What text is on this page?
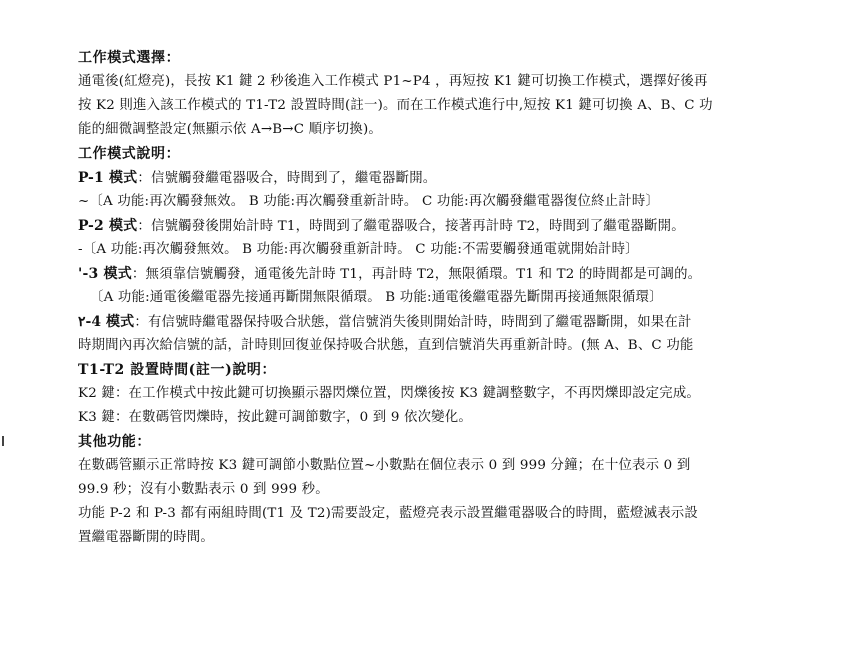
工作模式選擇：
通電後(紅燈亮)，長按 K1 鍵 2 秒後進入工作模式 P1~P4 ，再短按 K1 鍵可切換工作模式，選擇好後再
按 K2 則進入該工作模式的 T1-T2 設置時間(註一)。而在工作模式進行中,短按 K1 鍵可切換 A、B、C 功
能的細微調整設定(無顯示依 A→B→C 順序切換)。
工作模式說明：
P-1 模式：信號觸發繼電器吸合，時間到了，繼電器斷開。
~〔A 功能:再次觸發無效。 B 功能:再次觸發重新計時。 C 功能:再次觸發繼電器復位終止計時〕
P-2 模式：信號觸發後開始計時 T1，時間到了繼電器吸合，接著再計時 T2，時間到了繼電器斷開。
-〔A 功能:再次觸發無效。 B 功能:再次觸發重新計時。 C 功能:不需要觸發通電就開始計時〕
'-3 模式：無須靠信號觸發，通電後先計時 T1，再計時 T2，無限循環。T1 和 T2 的時間都是可調的。
〔A 功能:通電後繼電器先接通再斷開無限循環。 B 功能:通電後繼電器先斷開再接通無限循環〕
٢-4 模式：有信號時繼電器保持吸合狀態，當信號消失後則開始計時，時間到了繼電器斷開，如果在計
時期間內再次給信號的話，計時則回復並保持吸合狀態，直到信號消失再重新計時。(無 A、B、C 功能
T1-T2 設置時間(註一)說明：
K2 鍵：在工作模式中按此鍵可切換顯示器閃爍位置，閃爍後按 K3 鍵調整數字，不再閃爍即設定完成。
K3 鍵：在數碼管閃爍時，按此鍵可調節數字，0 到 9 依次變化。
其他功能：
在數碼管顯示正常時按 K3 鍵可調節小數點位置~小數點在個位表示 0 到 999 分鐘；在十位表示 0 到
99.9 秒；沒有小數點表示 0 到 999 秒。
功能 P-2 和 P-3 都有兩組時間(T1 及 T2)需要設定，藍燈亮表示設置繼電器吸合的時間，藍燈滅表示設
置繼電器斷開的時間。
